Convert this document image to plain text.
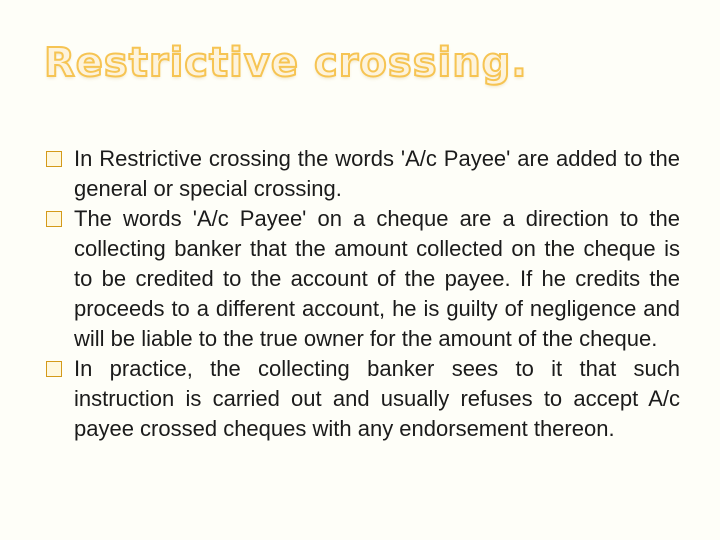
Restrictive crossing.
In Restrictive crossing the words 'A/c Payee' are added to the general or special crossing.
The words 'A/c Payee' on a cheque are a direction to the collecting banker that the amount collected on the cheque is to be credited to the account of the payee. If he credits the proceeds to a different account, he is guilty of negligence and will be liable to the true owner for the amount of the cheque.
In practice, the collecting banker sees to it that such instruction is carried out and usually refuses to accept A/c payee crossed cheques with any endorsement thereon.
